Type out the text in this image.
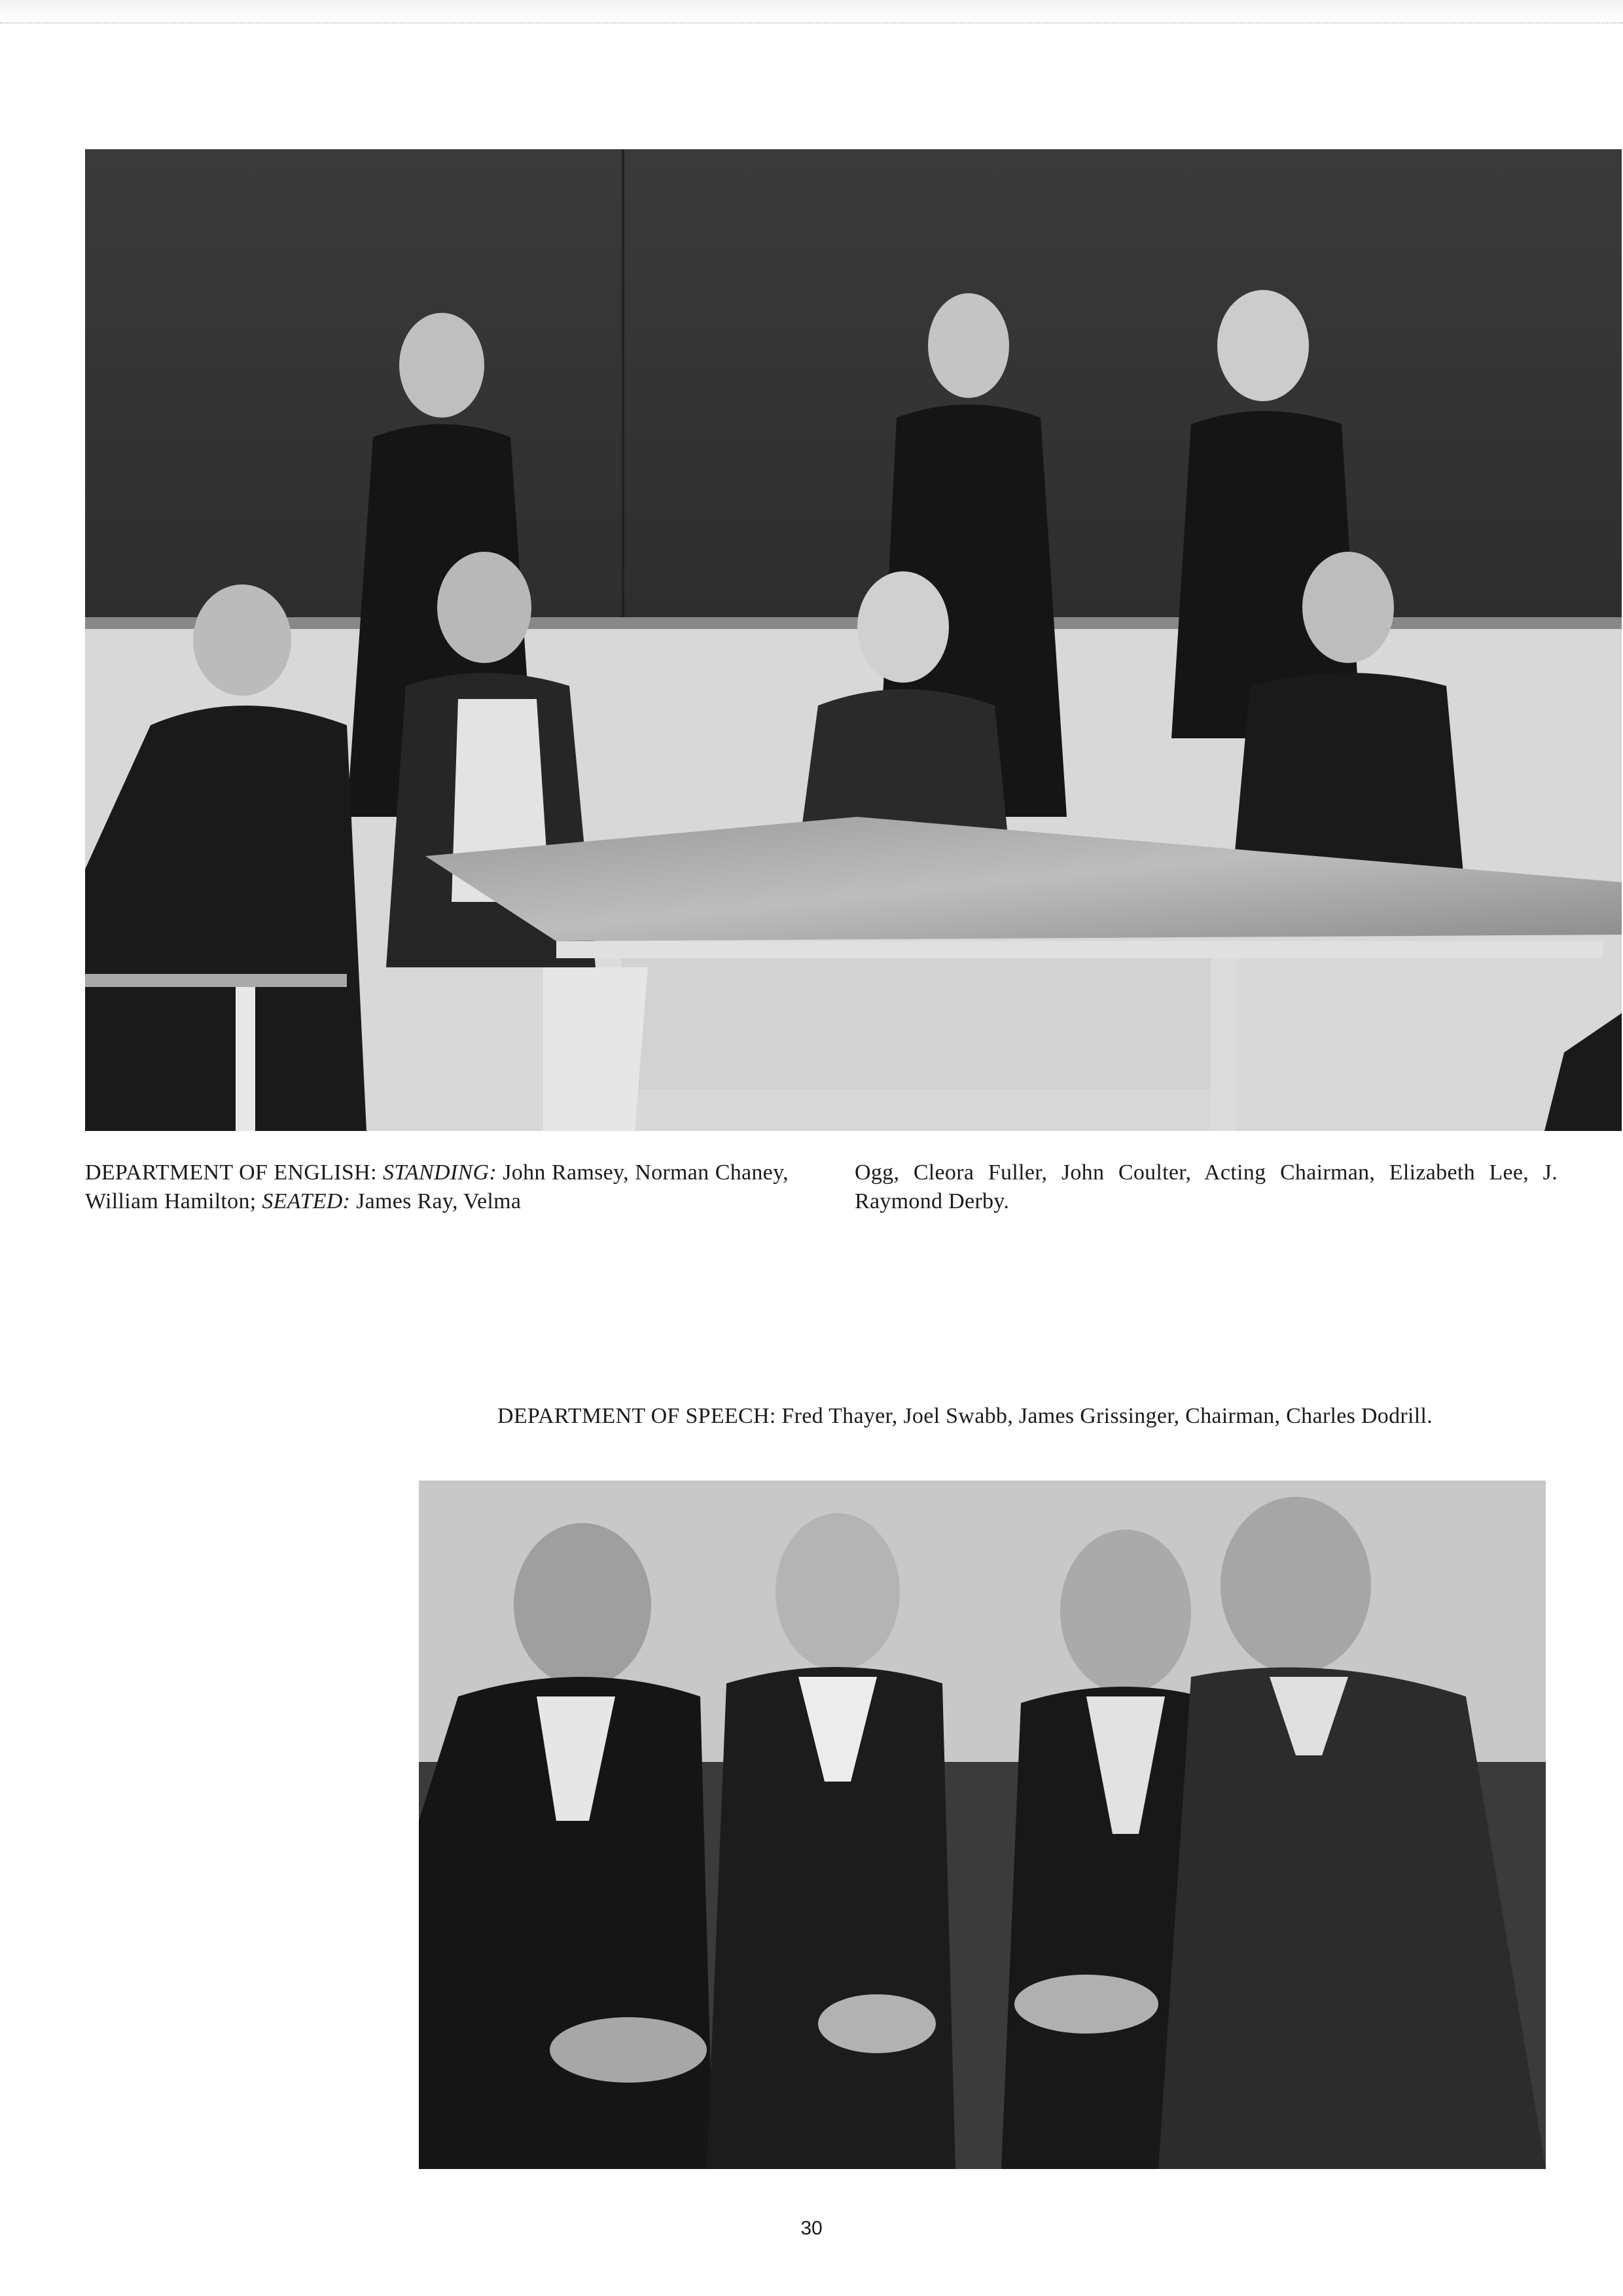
DEPARTMENT OF ENGLISH: STANDING: John Ramsey, Norman Chaney, William Hamilton; SEATED: James Ray, Velma
Ogg, Cleora Fuller, John Coulter, Acting Chairman, Elizabeth Lee, J. Raymond Derby.
DEPARTMENT OF SPEECH: Fred Thayer, Joel Swabb, James Grissinger, Chairman, Charles Dodrill.
30
